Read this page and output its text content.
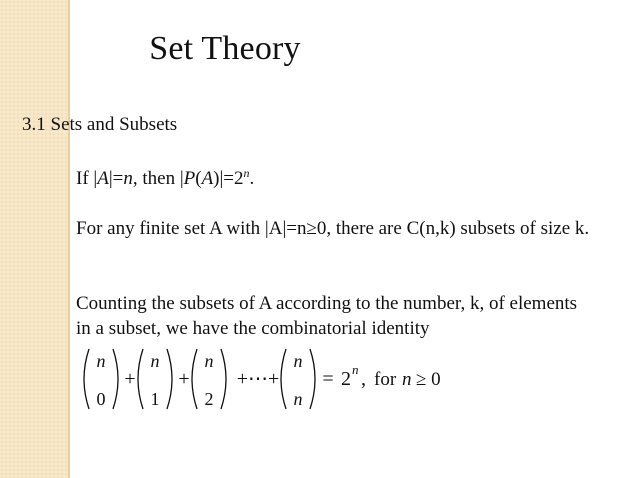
Set Theory
3.1 Sets and Subsets
If |A|=n, then $|P(A)|=2^n$.
For any finite set A with |A|=n≥0, there are C(n,k) subsets of size k.
Counting the subsets of A according to the number, k, of elements in a subset, we have the combinatorial identity
n
0
+
n
1
+
n
2
+⋯+
n
n
= 2 n , for n ≥ 0
